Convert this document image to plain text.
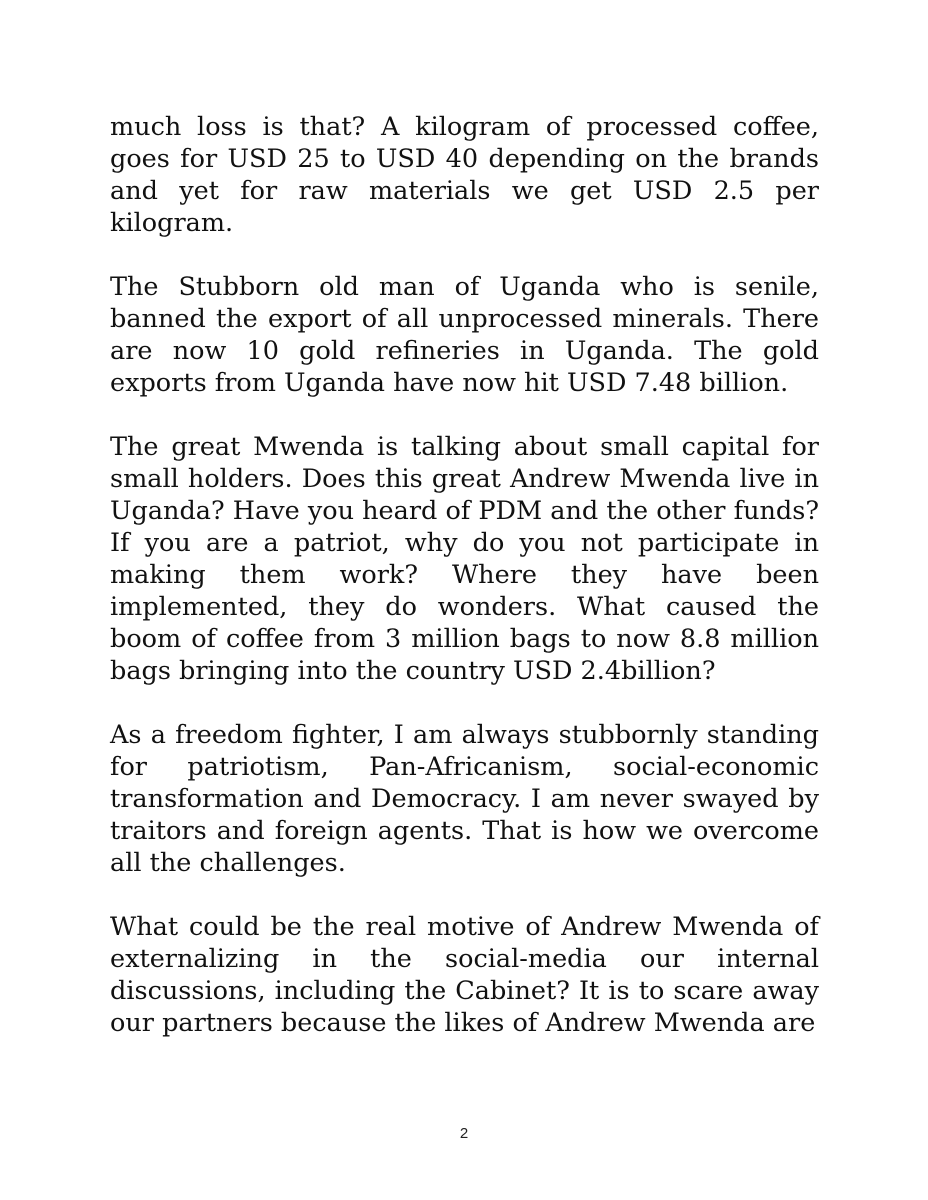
much loss is that? A kilogram of processed coffee, goes for USD 25 to USD 40 depending on the brands and yet for raw materials we get USD 2.5 per kilogram.

The Stubborn old man of Uganda who is senile, banned the export of all unprocessed minerals. There are now 10 gold refineries in Uganda. The gold exports from Uganda have now hit USD 7.48 billion.

The great Mwenda is talking about small capital for small holders. Does this great Andrew Mwenda live in Uganda? Have you heard of PDM and the other funds? If you are a patriot, why do you not participate in making them work? Where they have been implemented, they do wonders. What caused the boom of coffee from 3 million bags to now 8.8 million bags bringing into the country USD 2.4billion?

As a freedom fighter, I am always stubbornly standing for patriotism, Pan-Africanism, social-economic transformation and Democracy. I am never swayed by traitors and foreign agents. That is how we overcome all the challenges.

What could be the real motive of Andrew Mwenda of externalizing in the social-media our internal discussions, including the Cabinet? It is to scare away our partners because the likes of Andrew Mwenda are

2
